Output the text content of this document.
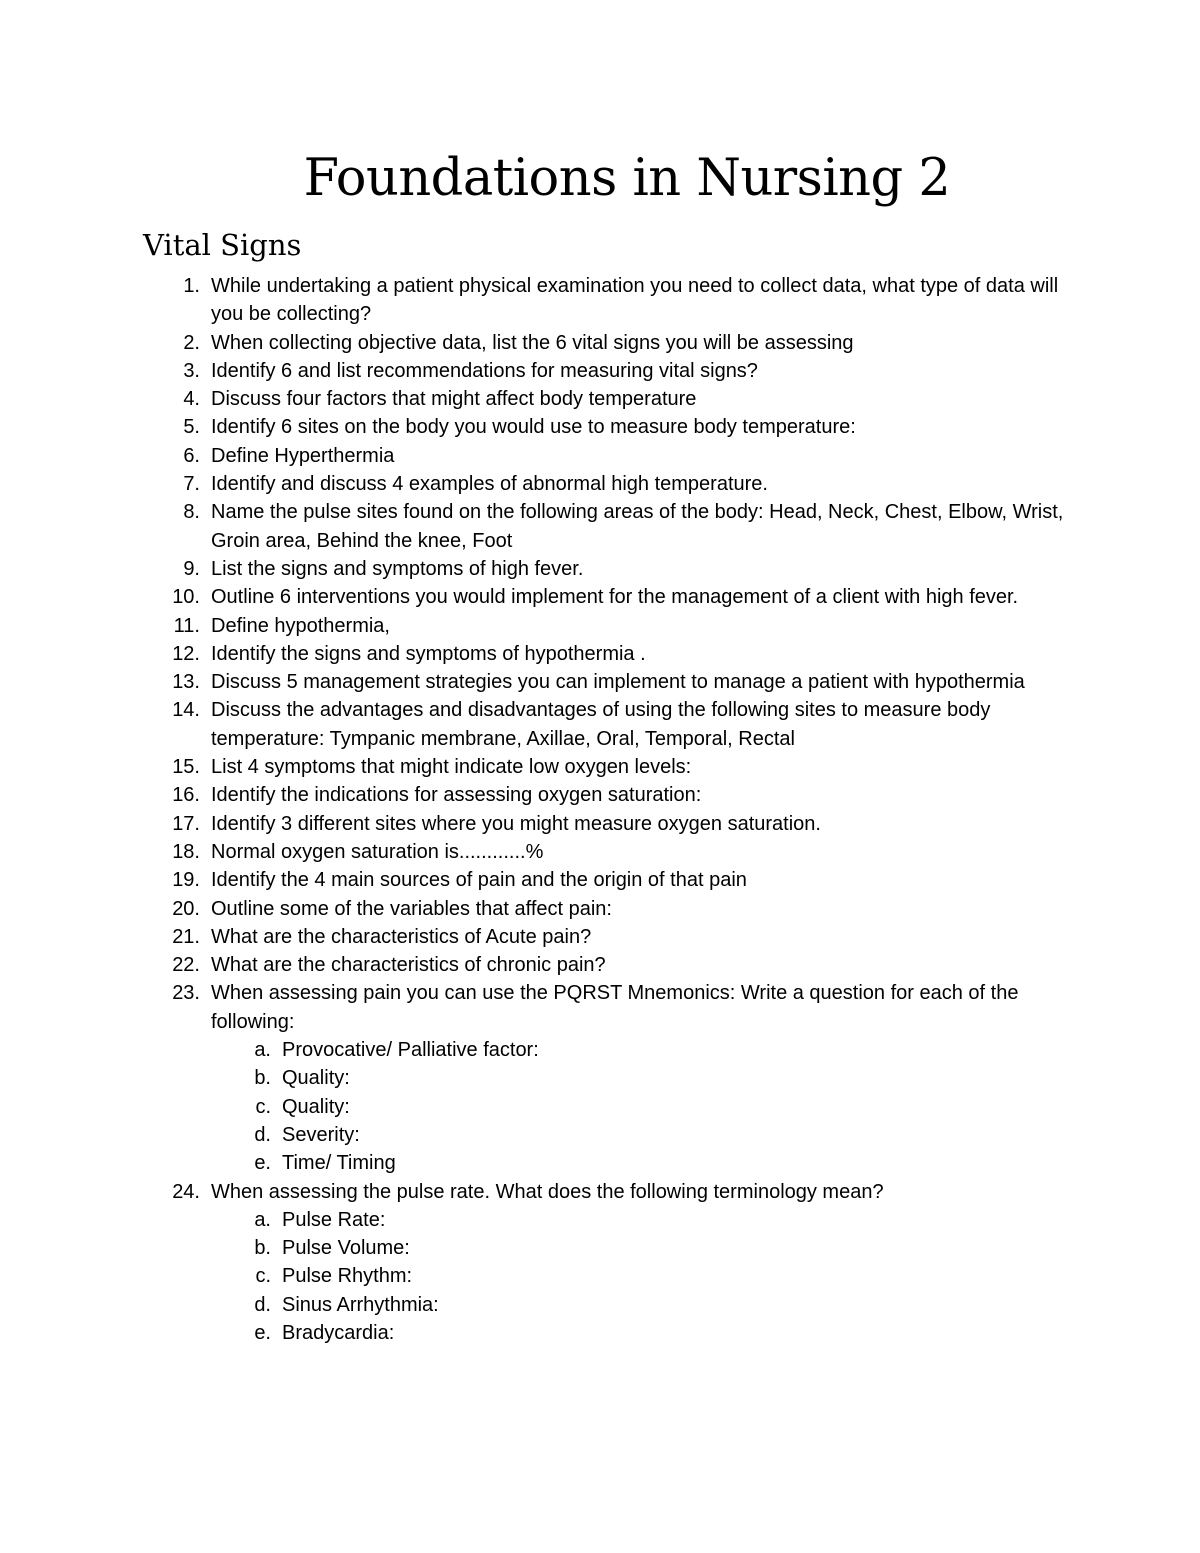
Foundations in Nursing 2
Vital Signs
1. While undertaking a patient physical examination you need to collect data, what type of data will you be collecting?
2. When collecting objective data, list the 6 vital signs you will be assessing
3. Identify 6 and list recommendations for measuring vital signs?
4. Discuss four factors that might affect body temperature
5. Identify 6 sites on the body you would use to measure body temperature:
6. Define Hyperthermia
7. Identify and discuss 4 examples of abnormal high temperature.
8. Name the pulse sites found on the following areas of the body: Head, Neck, Chest, Elbow, Wrist, Groin area, Behind the knee, Foot
9. List the signs and symptoms of high fever.
10. Outline 6 interventions you would implement for the management of a client with high fever.
11. Define hypothermia,
12. Identify the signs and symptoms of hypothermia .
13. Discuss 5 management strategies you can implement to manage a patient with hypothermia
14. Discuss the advantages and disadvantages of using the following sites to measure body temperature: Tympanic membrane, Axillae, Oral, Temporal, Rectal
15. List 4 symptoms that might indicate low oxygen levels:
16. Identify the indications for assessing oxygen saturation:
17. Identify 3 different sites where you might measure oxygen saturation.
18. Normal oxygen saturation is............%
19. Identify the 4 main sources of pain and the origin of that pain
20. Outline some of the variables that affect pain:
21. What are the characteristics of Acute pain?
22. What are the characteristics of chronic pain?
23. When assessing pain you can use the PQRST Mnemonics: Write a question for each of the following:
a. Provocative/ Palliative factor:
b. Quality:
c. Quality:
d. Severity:
e. Time/ Timing
24. When assessing the pulse rate. What does the following terminology mean?
a. Pulse Rate:
b. Pulse Volume:
c. Pulse Rhythm:
d. Sinus Arrhythmia:
e. Bradycardia:
